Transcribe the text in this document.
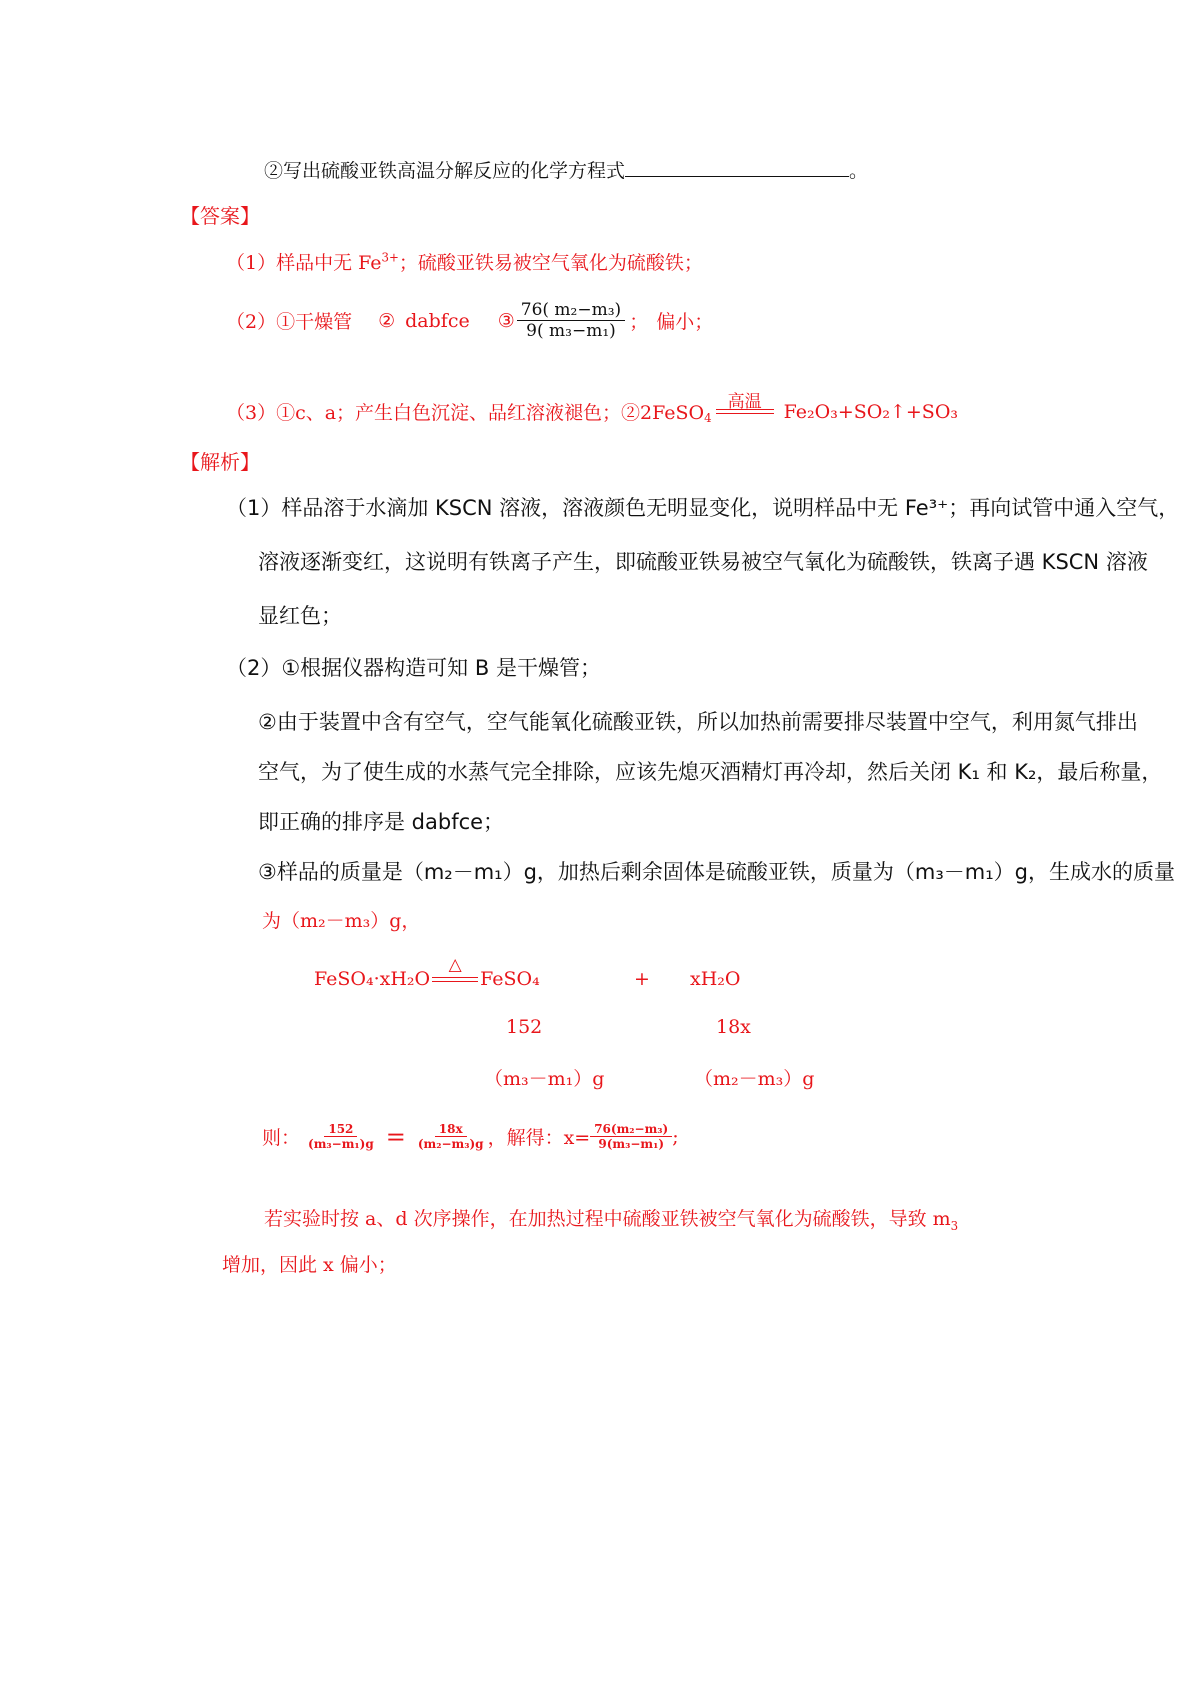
②写出硫酸亚铁高温分解反应的化学方程式	。
【答案】
（1）样品中无 $Fe^{3+}$；硫酸亚铁易被空气氧化为硫酸铁；
（2）①干燥管 ② dabfce ③ $\frac{\text{76( m₂−m₃)}}{\text{9( m₃−m₁)}}$ ； 偏小；
（3）①c、a；产生白色沉淀、品红溶液褪色；②2FeSO$_4$
高温	Fe₂O₃+SO₂↑+SO₃
【解析】
（1）样品溶于水滴加 KSCN 溶液，溶液颜色无明显变化，说明样品中无 Fe³⁺；再向试管中通入空气，
溶液逐渐变红，这说明有铁离子产生，即硫酸亚铁易被空气氧化为硫酸铁，铁离子遇 KSCN 溶液
显红色；
（2）①根据仪器构造可知 B 是干燥管；
②由于装置中含有空气，空气能氧化硫酸亚铁，所以加热前需要排尽装置中空气，利用氮气排出
空气，为了使生成的水蒸气完全排除，应该先熄灭酒精灯再冷却，然后关闭 K₁ 和 K₂，最后称量，
即正确的排序是 dabfce；
③样品的质量是（m₂－m₁）g，加热后剩余固体是硫酸亚铁，质量为（m₃－m₁）g，生成水的质量
为（m₂－m₃）g，
FeSO₄·xH₂O
△
FeSO₄	+ xH₂O
152	18x
（m₃－m₁）g	（m₂－m₃）g
则： $\frac{152}{\text{(m₃−m₁)g}} = \frac{18x}{\text{(m₂−m₃)g}}$ ，解得：$x= \frac{\text{76(m₂−m₃)}}{\text{9(m₃−m₁)}}$ ;
若实验时按 a、d 次序操作，在加热过程中硫酸亚铁被空气氧化为硫酸铁，导致 $m_3$
增加，因此 x 偏小；
